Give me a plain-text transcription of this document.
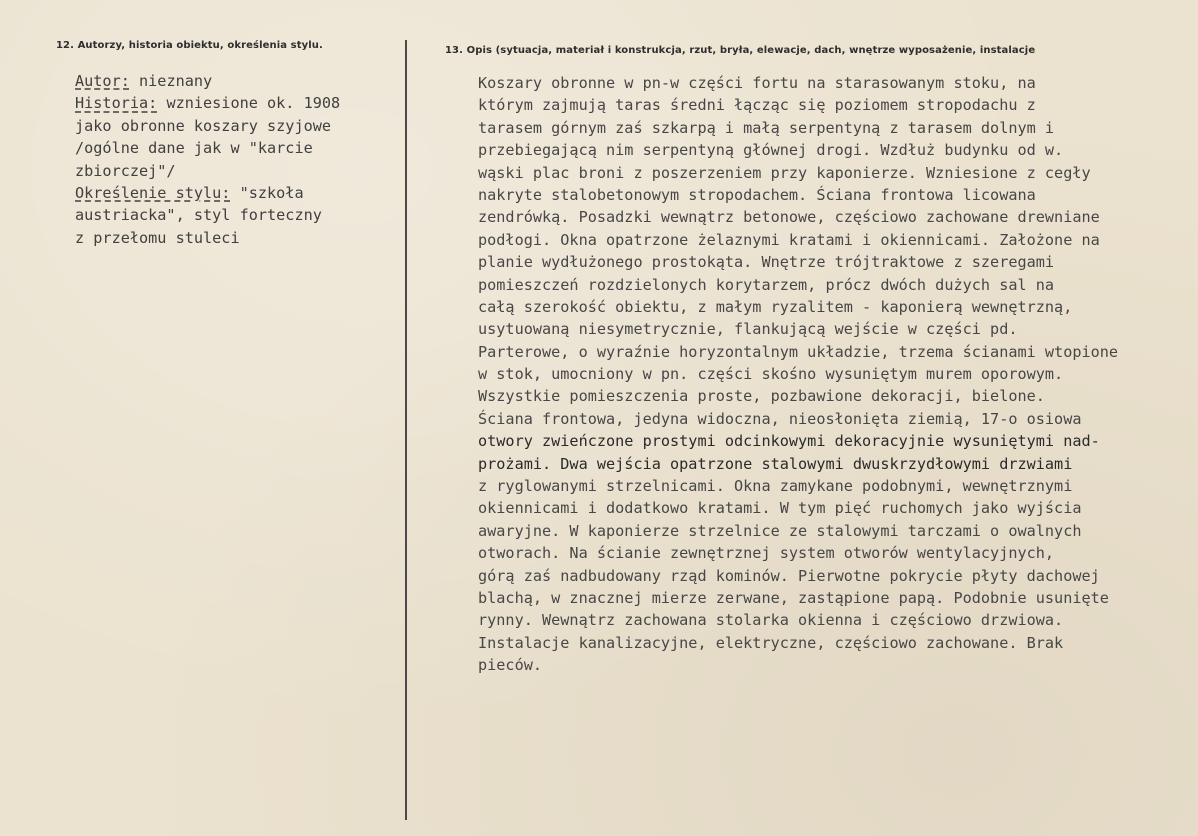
12. Autorzy, historia obiektu, określenia stylu.	13. Opis (sytuacja, materiał i konstrukcja, rzut, bryła, elewacje, dach, wnętrze wyposażenie, instalacje
Autor: nieznany
Historia: wzniesione ok. 1908
jako obronne koszary szyjowe
/ogólne dane jak w "karcie
zbiorczej"/
Określenie stylu: "szkoła
austriacka", styl forteczny
z przełomu stuleci
Koszary obronne w pn-w części fortu na starasowanym stoku, na
którym zajmują taras średni łącząc się poziomem stropodachu z
tarasem górnym zaś szkarpą i małą serpentyną z tarasem dolnym i
przebiegającą nim serpentyną głównej drogi. Wzdłuż budynku od w.
wąski plac broni z poszerzeniem przy kaponierze. Wzniesione z cegły
nakryte stalobetonowym stropodachem. Ściana frontowa licowana
zendrówką. Posadzki wewnątrz betonowe, częściowo zachowane drewniane
podłogi. Okna opatrzone żelaznymi kratami i okiennicami. Założone na
planie wydłużonego prostokąta. Wnętrze trójtraktowe z szeregami
pomieszczeń rozdzielonych korytarzem, prócz dwóch dużych sal na
całą szerokość obiektu, z małym ryzalitem - kaponierą wewnętrzną,
usytuowaną niesymetrycznie, flankującą wejście w części pd.
Parterowe, o wyraźnie horyzontalnym układzie, trzema ścianami wtopione
w stok, umocniony w pn. części skośno wysuniętym murem oporowym.
Wszystkie pomieszczenia proste, pozbawione dekoracji, bielone.
Ściana frontowa, jedyna widoczna, nieosłonięta ziemią, 17-o osiowa
otwory zwieńczone prostymi odcinkowymi dekoracyjnie wysuniętymi nad-
prożami. Dwa wejścia opatrzone stalowymi dwuskrzydłowymi drzwiami
z ryglowanymi strzelnicami. Okna zamykane podobnymi, wewnętrznymi
okiennicami i dodatkowo kratami. W tym pięć ruchomych jako wyjścia
awaryjne. W kaponierze strzelnice ze stalowymi tarczami o owalnych
otworach. Na ścianie zewnętrznej system otworów wentylacyjnych,
górą zaś nadbudowany rząd kominów. Pierwotne pokrycie płyty dachowej
blachą, w znacznej mierze zerwane, zastąpione papą. Podobnie usunięte
rynny. Wewnątrz zachowana stolarka okienna i częściowo drzwiowa.
Instalacje kanalizacyjne, elektryczne, częściowo zachowane. Brak
pieców.
